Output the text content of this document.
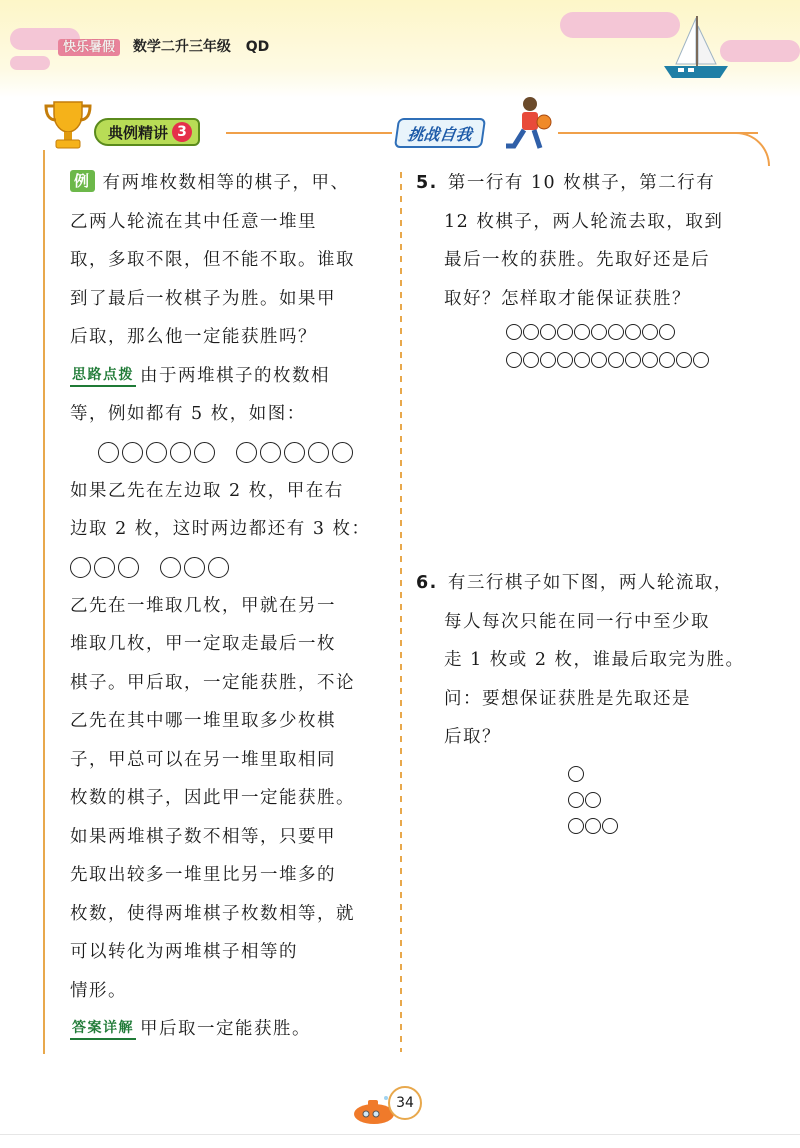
快乐暑假 数学二升三年级 QD
典例精讲 3	挑战自我
例 有两堆枚数相等的棋子，甲、
乙两人轮流在其中任意一堆里
取，多取不限，但不能不取。谁取
到了最后一枚棋子为胜。如果甲
后取，那么他一定能获胜吗？
思路点拨 由于两堆棋子的枚数相
等，例如都有 5 枚，如图：
如果乙先在左边取 2 枚，甲在右
边取 2 枚，这时两边都还有 3 枚：
乙先在一堆取几枚，甲就在另一
堆取几枚，甲一定取走最后一枚
棋子。甲后取，一定能获胜，不论
乙先在其中哪一堆里取多少枚棋
子，甲总可以在另一堆里取相同
枚数的棋子，因此甲一定能获胜。
如果两堆棋子数不相等，只要甲
先取出较多一堆里比另一堆多的
枚数，使得两堆棋子枚数相等，就
可以转化为两堆棋子相等的
情形。
答案详解 甲后取一定能获胜。
5. 第一行有 10 枚棋子，第二行有
12 枚棋子，两人轮流去取，取到
最后一枚的获胜。先取好还是后
取好？怎样取才能保证获胜？
6. 有三行棋子如下图，两人轮流取，
每人每次只能在同一行中至少取
走 1 枚或 2 枚，谁最后取完为胜。
问：要想保证获胜是先取还是
后取？
34
